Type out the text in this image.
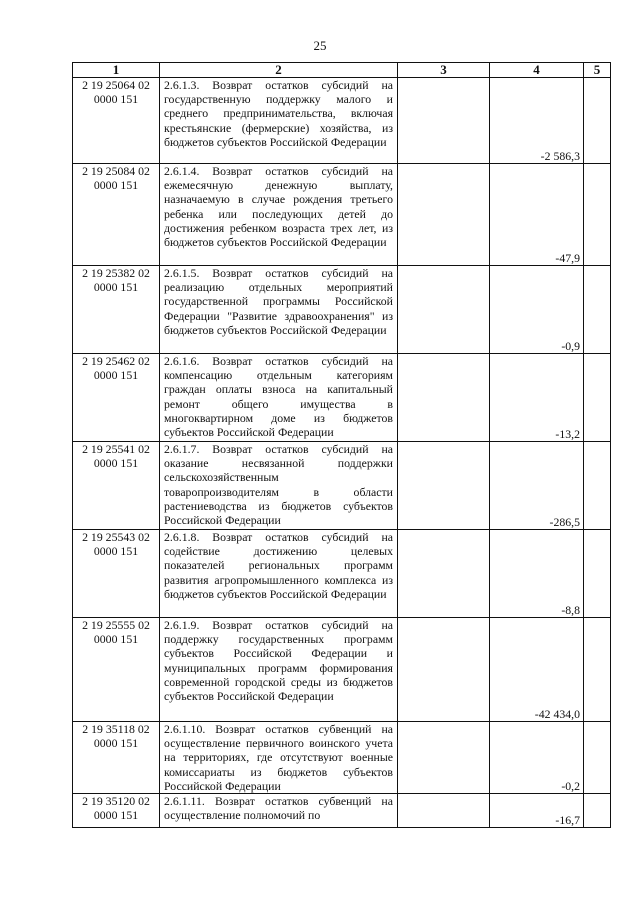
25
1	2	3	4	5

2 19 25064 02
0000 151	2.6.1.3. Возврат остатков субсидий на государственную поддержку малого и среднего предпринимательства, включая крестьянские (фермерские) хозяйства, из бюджетов субъектов Российской Федерации		-2 586,3	

2 19 25084 02
0000 151	2.6.1.4. Возврат остатков субсидий на ежемесячную денежную выплату, назначаемую в случае рождения третьего ребенка или последующих детей до достижения ребенком возраста трех лет, из бюджетов субъектов Российской Федерации		-47,9	

2 19 25382 02
0000 151	2.6.1.5. Возврат остатков субсидий на реализацию отдельных мероприятий государственной программы Российской Федерации "Развитие здравоохранения" из бюджетов субъектов Российской Федерации		-0,9	

2 19 25462 02
0000 151	2.6.1.6. Возврат остатков субсидий на компенсацию отдельным категориям граждан оплаты взноса на капитальный ремонт общего имущества в многоквартирном доме из бюджетов субъектов Российской Федерации		-13,2	

2 19 25541 02
0000 151	2.6.1.7. Возврат остатков субсидий на оказание несвязанной поддержки сельскохозяйственным товаропроизводителям в области растениеводства из бюджетов субъектов Российской Федерации		-286,5	

2 19 25543 02
0000 151	2.6.1.8. Возврат остатков субсидий на содействие достижению целевых показателей региональных программ развития агропромышленного комплекса из бюджетов субъектов Российской Федерации		-8,8	

2 19 25555 02
0000 151	2.6.1.9. Возврат остатков субсидий на поддержку государственных программ субъектов Российской Федерации и муниципальных программ формирования современной городской среды из бюджетов субъектов Российской Федерации		-42 434,0	

2 19 35118 02
0000 151	2.6.1.10. Возврат остатков субвенций на осуществление первичного воинского учета на территориях, где отсутствуют военные комиссариаты из бюджетов субъектов Российской Федерации		-0,2	

2 19 35120 02
0000 151	2.6.1.11. Возврат остатков субвенций на осуществление полномочий по		-16,7	
